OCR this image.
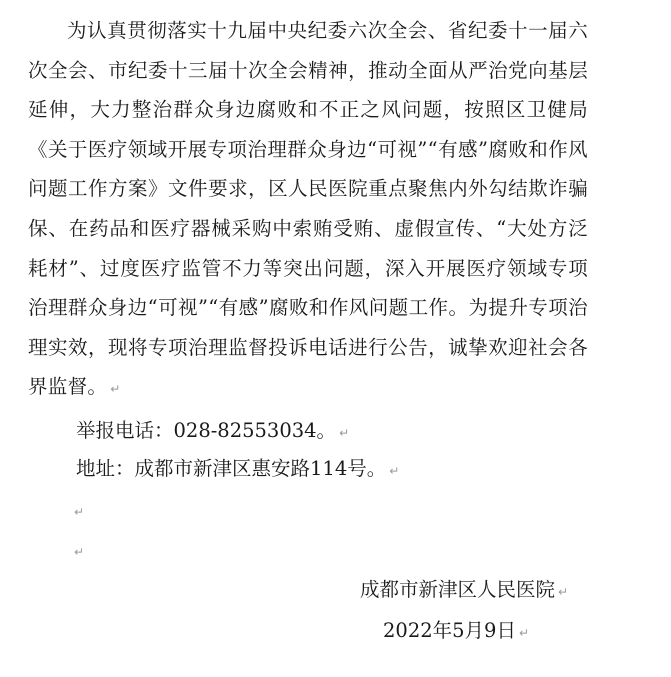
为认真贯彻落实十九届中央纪委六次全会、省纪委十一届六次全会、市纪委十三届十次全会精神，推动全面从严治党向基层延伸，大力整治群众身边腐败和不正之风问题，按照区卫健局《关于医疗领域开展专项治理群众身边“可视”“有感”腐败和作风问题工作方案》文件要求，区人民医院重点聚焦内外勾结欺诈骗保、在药品和医疗器械采购中索贿受贿、虚假宣传、“大处方泛耗材”、过度医疗监管不力等突出问题，深入开展医疗领域专项治理群众身边“可视”“有感”腐败和作风问题工作。为提升专项治理实效，现将专项治理监督投诉电话进行公告，诚挚欢迎社会各界监督。 ↵

举报电话：028-82553034。 ↵

地址：成都市新津区惠安路114号。 ↵

↵
↵

成都市新津区人民医院 ↵

2022年5月9日 ↵
